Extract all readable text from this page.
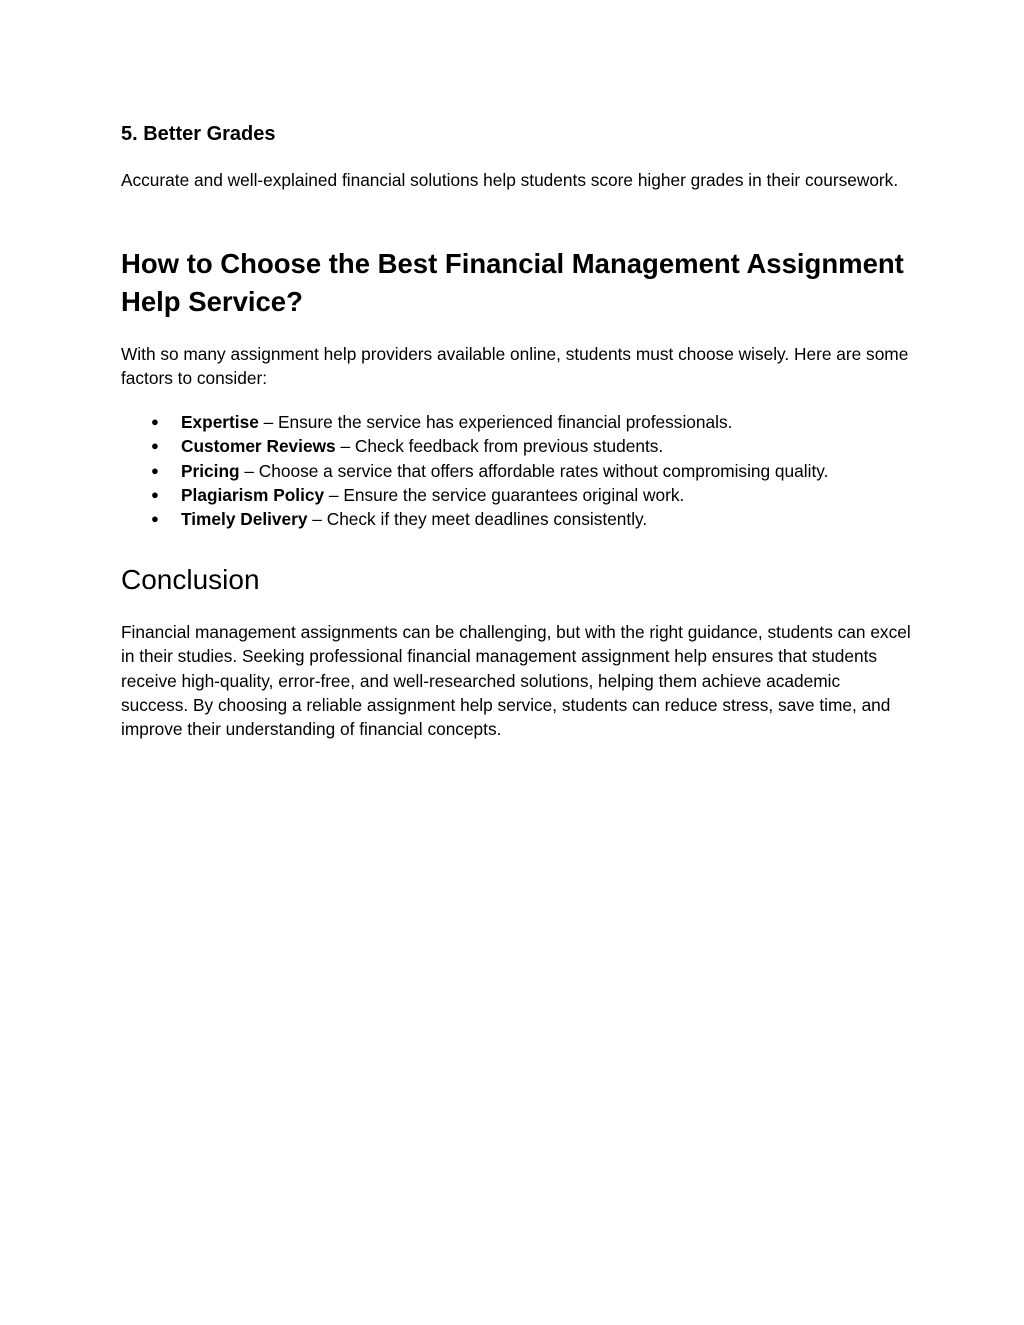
5. Better Grades

Accurate and well-explained financial solutions help students score higher grades in their coursework.

How to Choose the Best Financial Management Assignment Help Service?

With so many assignment help providers available online, students must choose wisely. Here are some factors to consider:

● Expertise – Ensure the service has experienced financial professionals.
● Customer Reviews – Check feedback from previous students.
● Pricing – Choose a service that offers affordable rates without compromising quality.
● Plagiarism Policy – Ensure the service guarantees original work.
● Timely Delivery – Check if they meet deadlines consistently.
Conclusion

Financial management assignments can be challenging, but with the right guidance, students can excel in their studies. Seeking professional financial management assignment help ensures that students receive high-quality, error-free, and well-researched solutions, helping them achieve academic success. By choosing a reliable assignment help service, students can reduce stress, save time, and improve their understanding of financial concepts.
